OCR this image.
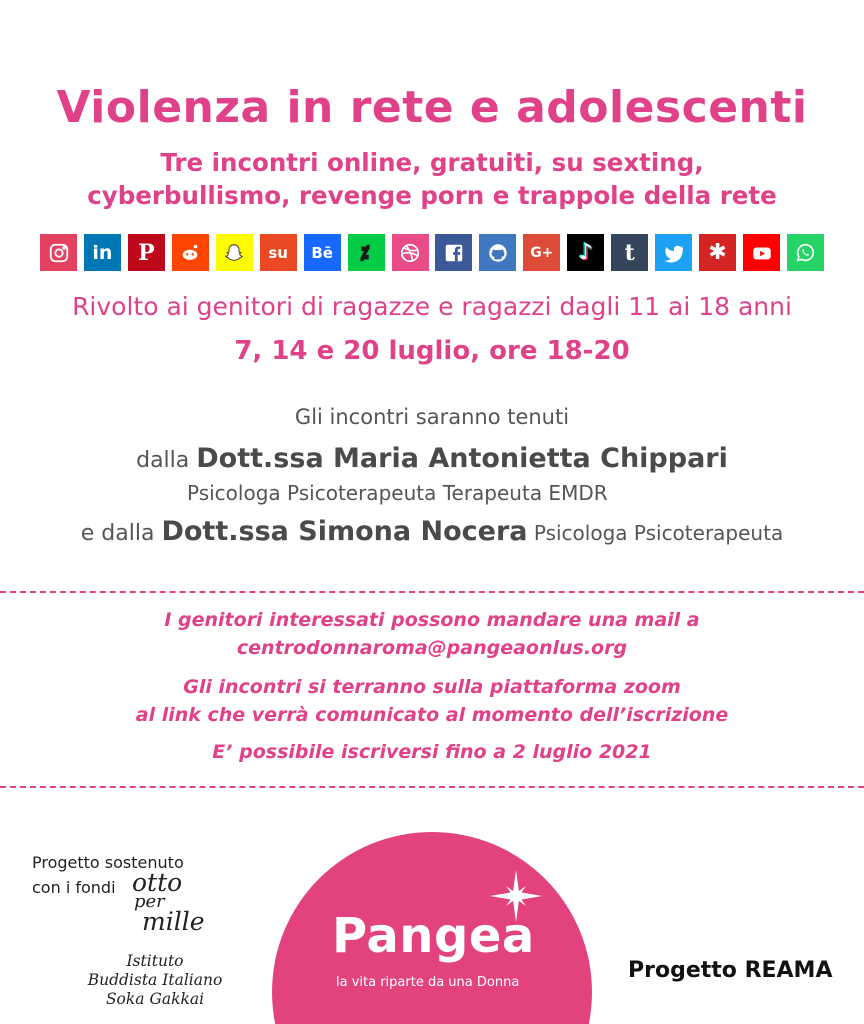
Violenza in rete e adolescenti
Tre incontri online, gratuiti, su sexting,
cyberbullismo, revenge porn e trappole della rete
in P	su Bē	G+ ♪ t	✱
Rivolto ai genitori di ragazze e ragazzi dagli 11 ai 18 anni
7, 14 e 20 luglio, ore 18-20
Gli incontri saranno tenuti
dalla Dott.ssa Maria Antonietta Chippari
Psicologa Psicoterapeuta Terapeuta EMDR
e dalla Dott.ssa Simona Nocera Psicologa Psicoterapeuta
I genitori interessati possono mandare una mail a
centrodonnaroma@pangeaonlus.org
Gli incontri si terranno sulla piattaforma zoom
al link che verrà comunicato al momento dell’iscrizione
E’ possibile iscriversi fino a 2 luglio 2021
Progetto sostenuto
con i fondi otto
per
mille
Istituto
Buddista Italiano
Soka Gakkai
Pangea
la vita riparte da una Donna	Progetto REAMA
